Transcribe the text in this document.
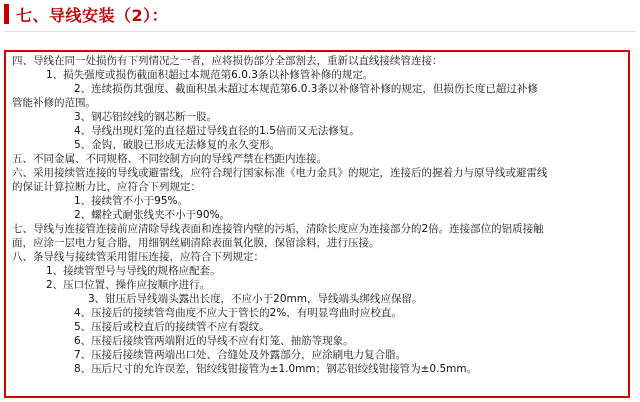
七、导线安装（2）：
四、导线在同一处损伤有下列情况之一者，应将损伤部分全部割去，重新以直线接续管连接：
1、损失强度或损伤截面积超过本规范第6.0.3条以补修管补修的规定。
2、连续损伤其强度、截面积虽未超过本规范第6.0.3条以补修管补修的规定，但损伤长度已超过补修
管能补修的范围。
3、钢芯铝绞线的钢芯断一股。
4、导线出现灯笼的直径超过导线直径的1.5倍而又无法修复。
5、金钩、破股已形成无法修复的永久变形。
五、不同金属、不同规格、不同绞制方向的导线严禁在档距内连接。
六、采用接续管连接的导线或避雷线，应符合现行国家标准《电力金具》的规定，连接后的握着力与原导线或避雷线
的保证计算拉断力比，应符合下列规定：
1、接续管不小于95%。
2、螺栓式耐张线夹不小于90%。
七、导线与连接管连接前应清除导线表面和连接管内壁的污垢，清除长度应为连接部分的2倍。连接部位的铝质接触
面，应涂一层电力复合脂，用细钢丝刷清除表面氧化膜，保留涂料，进行压接。
八、条导线与接续管采用钳压连接，应符合下列规定：
1、接续管型号与导线的规格应配套。
2、压口位置、操作应按顺序进行。
3、钳压后导线端头露出长度，不应小于20mm，导线端头绑线应保留。
4、压接后的接续管弯曲度不应大于管长的2%，有明显弯曲时应校直。
5、压接后或校直后的接续管不应有裂纹。
6、压接后接续管两端附近的导线不应有灯笼、抽筋等现象。
7、压接后接续管两端出口处、合缝处及外露部分，应涂刷电力复合脂。
8、压后尺寸的允许误差，铝绞线钳接管为±1.0mm；钢芯铝绞线钳接管为±0.5mm。
